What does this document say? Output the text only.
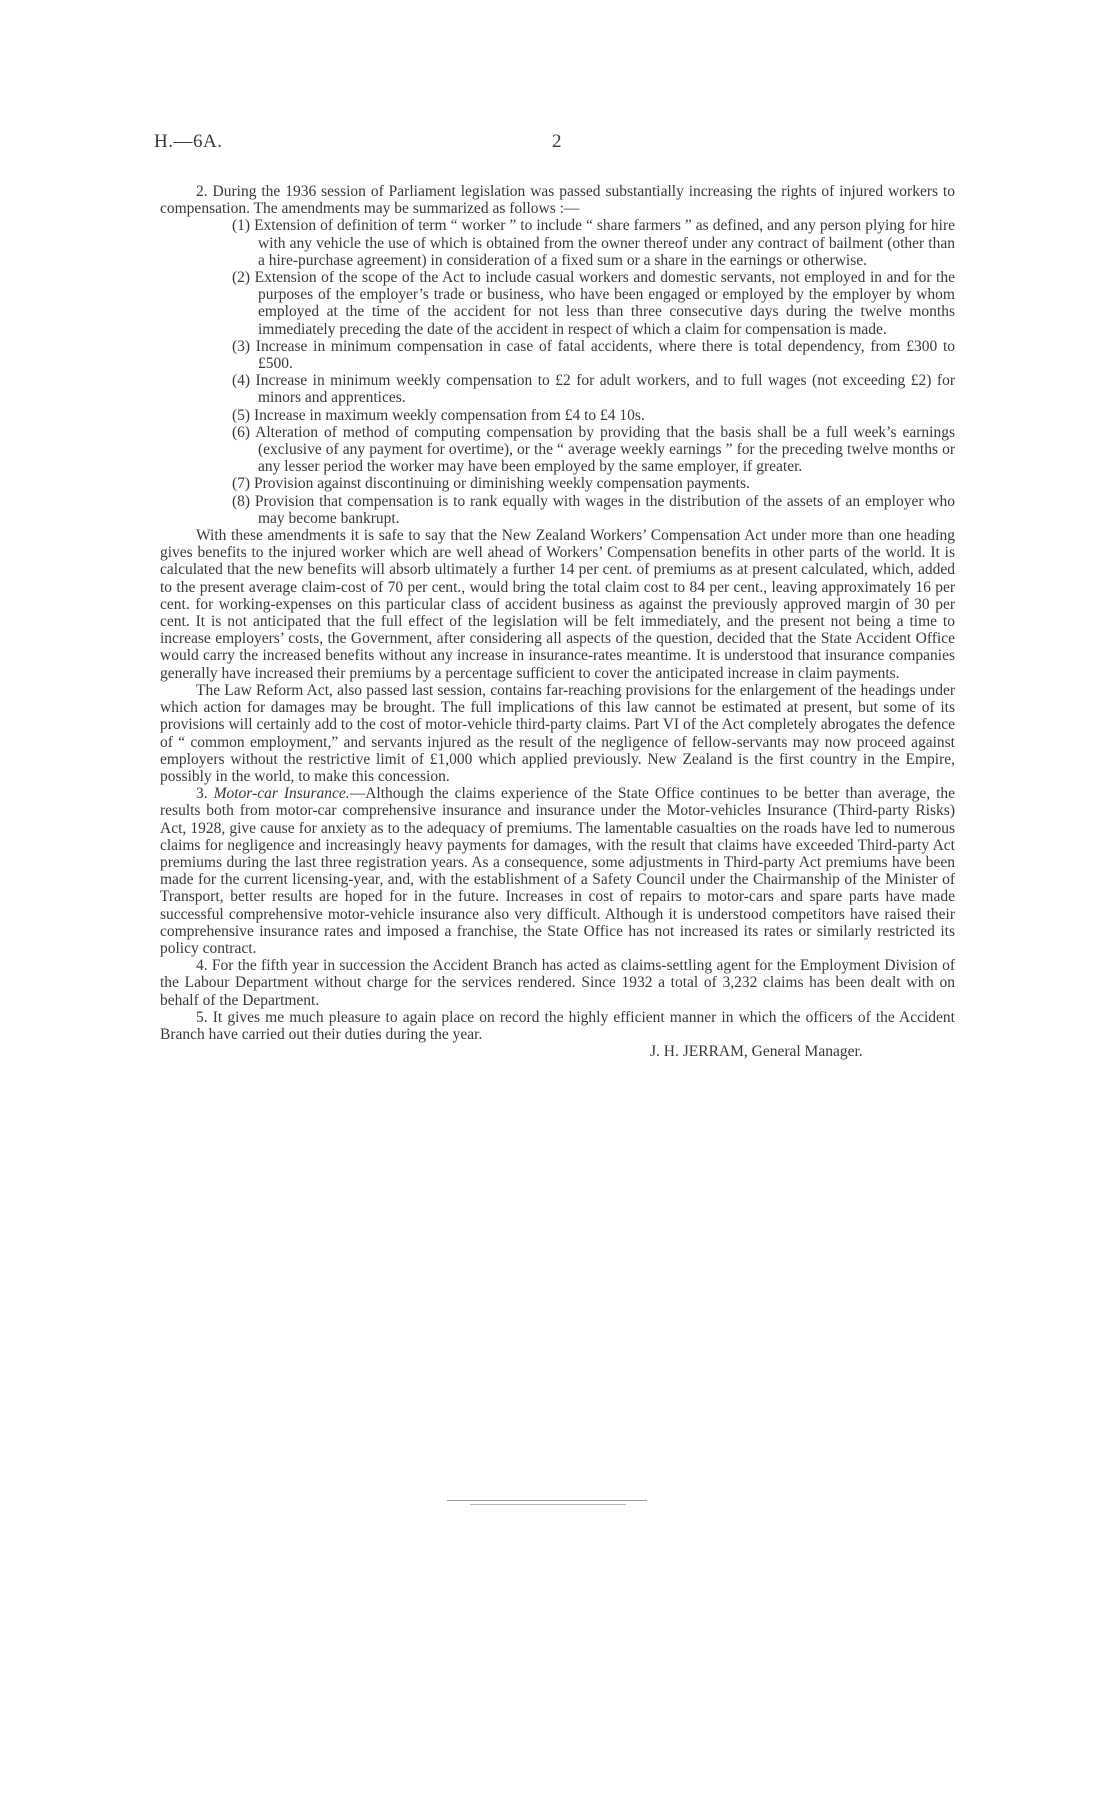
H.—6A.	2

2. During the 1936 session of Parliament legislation was passed substantially increasing the rights of injured workers to compensation. The amendments may be summarized as follows :—

(1) Extension of definition of term “ worker ” to include “ share farmers ” as defined, and any person plying for hire with any vehicle the use of which is obtained from the owner thereof under any contract of bailment (other than a hire-purchase agreement) in consideration of a fixed sum or a share in the earnings or otherwise.

(2) Extension of the scope of the Act to include casual workers and domestic servants, not employed in and for the purposes of the employer’s trade or business, who have been engaged or employed by the employer by whom employed at the time of the accident for not less than three consecutive days during the twelve months immediately preceding the date of the accident in respect of which a claim for compensation is made.

(3) Increase in minimum compensation in case of fatal accidents, where there is total dependency, from £300 to £500.

(4) Increase in minimum weekly compensation to £2 for adult workers, and to full wages (not exceeding £2) for minors and apprentices.

(5) Increase in maximum weekly compensation from £4 to £4 10s.

(6) Alteration of method of computing compensation by providing that the basis shall be a full week’s earnings (exclusive of any payment for overtime), or the “ average weekly earnings ” for the preceding twelve months or any lesser period the worker may have been employed by the same employer, if greater.

(7) Provision against discontinuing or diminishing weekly compensation payments.

(8) Provision that compensation is to rank equally with wages in the distribution of the assets of an employer who may become bankrupt.

With these amendments it is safe to say that the New Zealand Workers’ Compensation Act under more than one heading gives benefits to the injured worker which are well ahead of Workers’ Compensation benefits in other parts of the world. It is calculated that the new benefits will absorb ultimately a further 14 per cent. of premiums as at present calculated, which, added to the present average claim-cost of 70 per cent., would bring the total claim cost to 84 per cent., leaving approximately 16 per cent. for working-expenses on this particular class of accident business as against the previously approved margin of 30 per cent. It is not anticipated that the full effect of the legislation will be felt immediately, and the present not being a time to increase employers’ costs, the Government, after considering all aspects of the question, decided that the State Accident Office would carry the increased benefits without any increase in insurance-rates meantime. It is understood that insurance companies generally have increased their premiums by a percentage sufficient to cover the anticipated increase in claim payments.

The Law Reform Act, also passed last session, contains far-reaching provisions for the enlargement of the headings under which action for damages may be brought. The full implications of this law cannot be estimated at present, but some of its provisions will certainly add to the cost of motor-vehicle third-party claims. Part VI of the Act completely abrogates the defence of “ common employment,” and servants injured as the result of the negligence of fellow-servants may now proceed against employers without the restrictive limit of £1,000 which applied previously. New Zealand is the first country in the Empire, possibly in the world, to make this concession.

3. Motor-car Insurance.—Although the claims experience of the State Office continues to be better than average, the results both from motor-car comprehensive insurance and insurance under the Motor-vehicles Insurance (Third-party Risks) Act, 1928, give cause for anxiety as to the adequacy of premiums. The lamentable casualties on the roads have led to numerous claims for negligence and increasingly heavy payments for damages, with the result that claims have exceeded Third-party Act premiums during the last three registration years. As a consequence, some adjustments in Third-party Act premiums have been made for the current licensing-year, and, with the establishment of a Safety Council under the Chairmanship of the Minister of Transport, better results are hoped for in the future. Increases in cost of repairs to motor-cars and spare parts have made successful comprehensive motor-vehicle insurance also very difficult. Although it is understood competitors have raised their comprehensive insurance rates and imposed a franchise, the State Office has not increased its rates or similarly restricted its policy contract.

4. For the fifth year in succession the Accident Branch has acted as claims-settling agent for the Employment Division of the Labour Department without charge for the services rendered. Since 1932 a total of 3,232 claims has been dealt with on behalf of the Department.

5. It gives me much pleasure to again place on record the highly efficient manner in which the officers of the Accident Branch have carried out their duties during the year.

J. H. JERRAM, General Manager.
